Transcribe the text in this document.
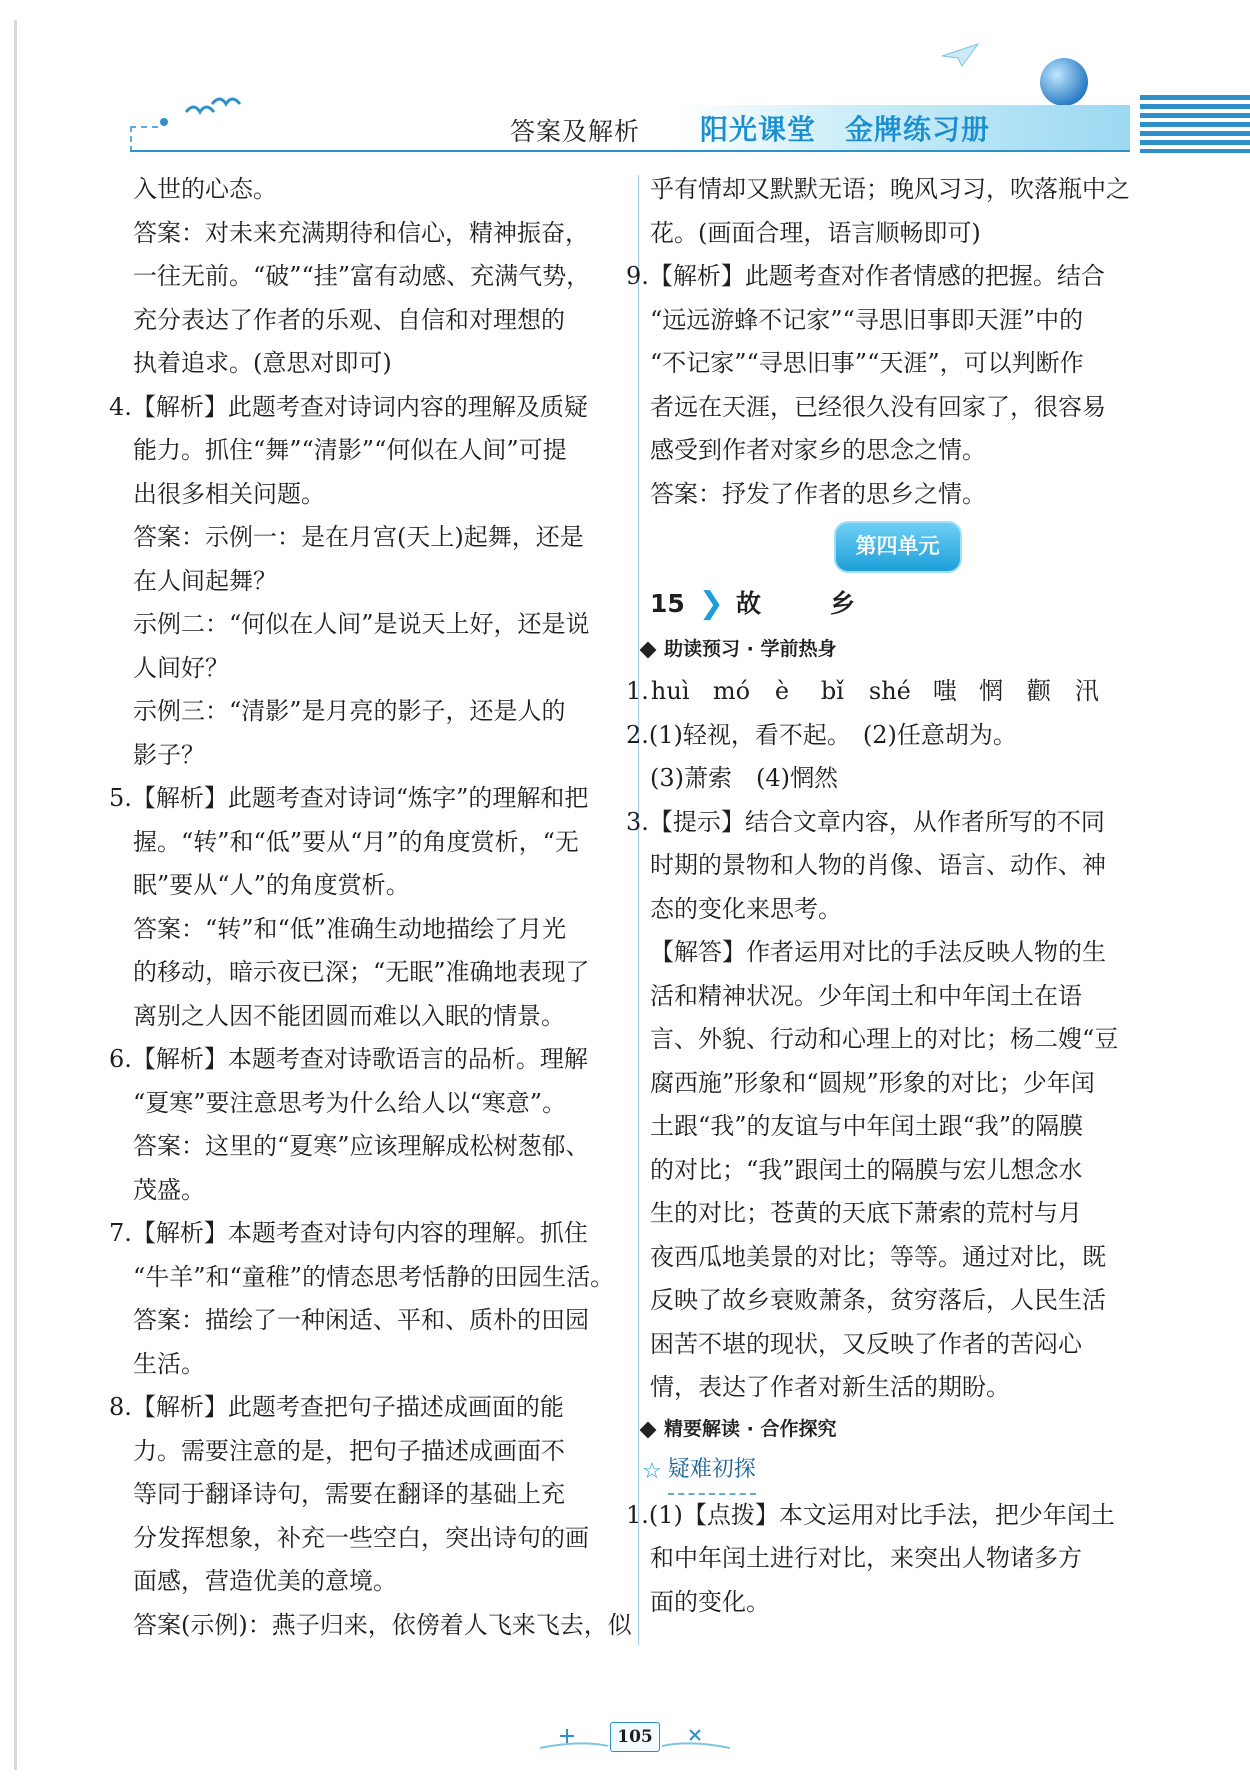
答案及解析 阳光课堂　金牌练习册
入世的心态。
答案：对未来充满期待和信心，精神振奋，
一往无前。“破”“挂”富有动感、充满气势，
充分表达了作者的乐观、自信和对理想的
执着追求。(意思对即可)
4.【解析】此题考查对诗词内容的理解及质疑
能力。抓住“舞”“清影”“何似在人间”可提
出很多相关问题。
答案：示例一：是在月宫(天上)起舞，还是
在人间起舞？
示例二：“何似在人间”是说天上好，还是说
人间好？
示例三：“清影”是月亮的影子，还是人的
影子？
5.【解析】此题考查对诗词“炼字”的理解和把
握。“转”和“低”要从“月”的角度赏析，“无
眠”要从“人”的角度赏析。
答案：“转”和“低”准确生动地描绘了月光
的移动，暗示夜已深；“无眠”准确地表现了
离别之人因不能团圆而难以入眠的情景。
6.【解析】本题考查对诗歌语言的品析。理解
“夏寒”要注意思考为什么给人以“寒意”。
答案：这里的“夏寒”应该理解成松树葱郁、
茂盛。
7.【解析】本题考查对诗句内容的理解。抓住
“牛羊”和“童稚”的情态思考恬静的田园生活。
答案：描绘了一种闲适、平和、质朴的田园
生活。
8.【解析】此题考查把句子描述成画面的能
力。需要注意的是，把句子描述成画面不
等同于翻译诗句，需要在翻译的基础上充
分发挥想象，补充一些空白，突出诗句的画
面感，营造优美的意境。
答案(示例)：燕子归来，依傍着人飞来飞去，似
乎有情却又默默无语；晚风习习，吹落瓶中之
花。(画面合理，语言顺畅即可)
9.【解析】此题考查对作者情感的把握。结合
“远远游蜂不记家”“寻思旧事即天涯”中的
“不记家”“寻思旧事”“天涯”，可以判断作
者远在天涯，已经很久没有回家了，很容易
感受到作者对家乡的思念之情。
答案：抒发了作者的思乡之情。
第四单元
15 ❯ 故　乡
助读预习 · 学前热身
1. huì mó	è	bǐ	shé 嗤 惘	颧	汛
2.(1)轻视，看不起。　(2)任意胡为。
(3)萧索　(4)惘然
3.【提示】结合文章内容，从作者所写的不同
时期的景物和人物的肖像、语言、动作、神
态的变化来思考。
【解答】作者运用对比的手法反映人物的生
活和精神状况。少年闰土和中年闰土在语
言、外貌、行动和心理上的对比；杨二嫂“豆
腐西施”形象和“圆规”形象的对比；少年闰
土跟“我”的友谊与中年闰土跟“我”的隔膜
的对比；“我”跟闰土的隔膜与宏儿想念水
生的对比；苍黄的天底下萧索的荒村与月
夜西瓜地美景的对比；等等。通过对比，既
反映了故乡衰败萧条，贫穷落后，人民生活
困苦不堪的现状，又反映了作者的苦闷心
情，表达了作者对新生活的期盼。
精要解读 · 合作探究
☆ 疑难初探
1.(1)【点拨】本文运用对比手法，把少年闰土
和中年闰土进行对比，来突出人物诸多方
面的变化。
105
